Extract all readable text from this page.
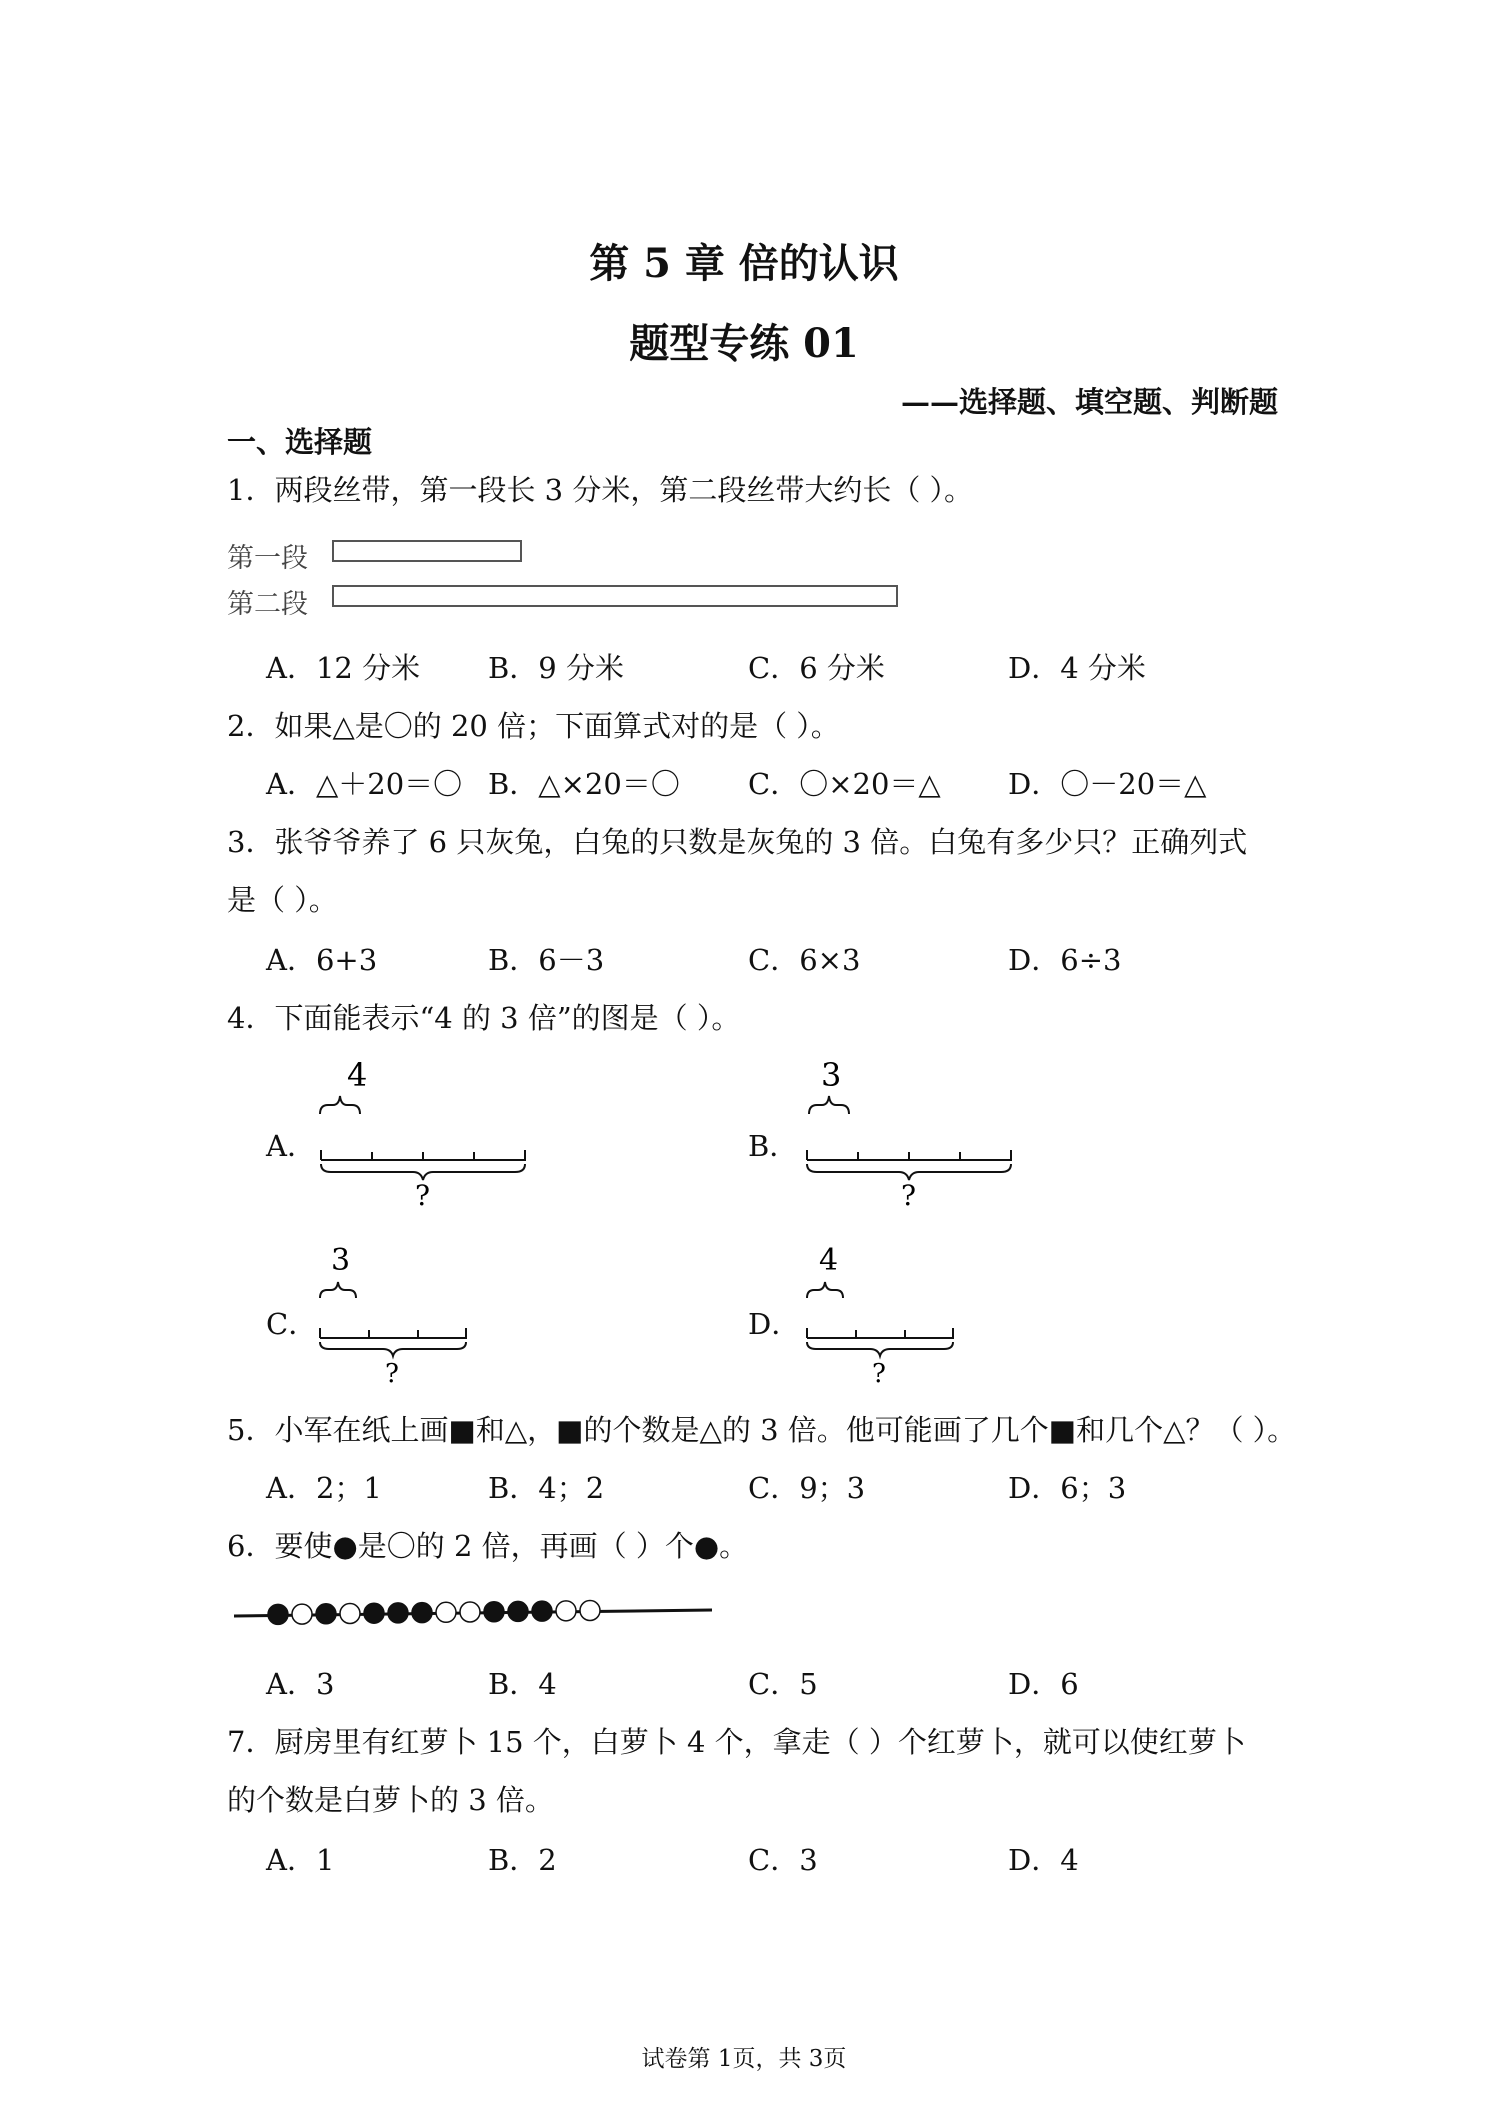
第 5 章 倍的认识
题型专练 01
——选择题、填空题、判断题
一、选择题
1．两段丝带，第一段长 3 分米，第二段丝带大约长（ ）。
第一段
第二段
A．12 分米 B．9 分米	C．6 分米	D．4 分米
2．如果△是〇的 20 倍；下面算式对的是（ ）。
A．△＋20＝〇 B．△×20＝〇 C．〇×20＝△ D．〇－20＝△
3．张爷爷养了 6 只灰兔，白兔的只数是灰兔的 3 倍。白兔有多少只？正确列式
是（ ）。
A．6+3	B．6－3	C．6×3	D．6÷3
4．下面能表示“4 的 3 倍”的图是（ ）。
A．
4
?
B．
3
?
C．
3
?
D．
4
?
5．小军在纸上画■和△，■的个数是△的 3 倍。他可能画了几个■和几个△？（ ）。
A．2；1	B．4；2	C．9；3	D．6；3
6．要使●是〇的 2 倍，再画（ ）个●。
A．3	B．4	C．5	D．6
7．厨房里有红萝卜 15 个，白萝卜 4 个，拿走（ ）个红萝卜，就可以使红萝卜
的个数是白萝卜的 3 倍。
A．1	B．2	C．3	D．4
试卷第 1页，共 3页
